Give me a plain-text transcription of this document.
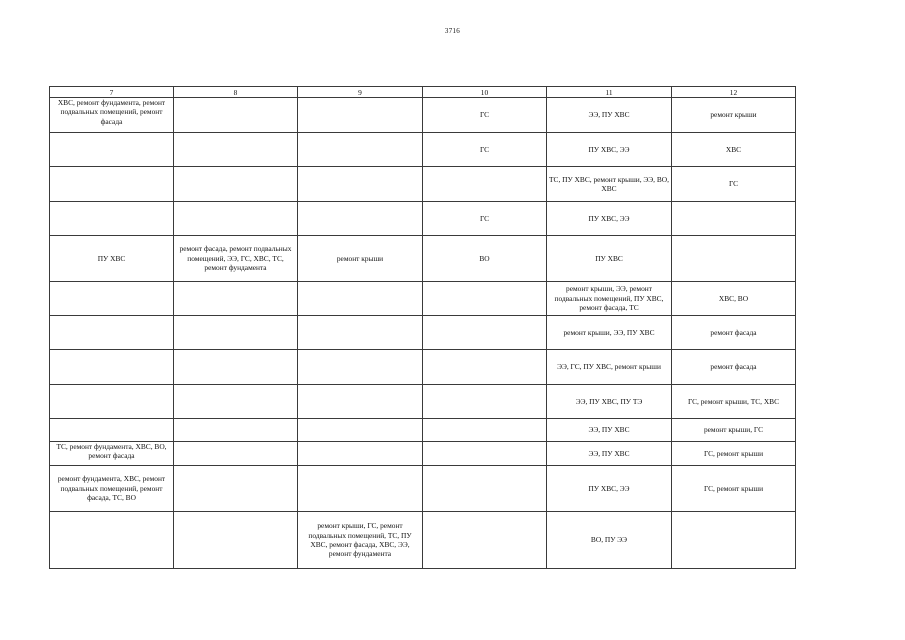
3716
7	8	9	10	11	12
ХВС, ремонт фундамента, ремонт подвальных помещений, ремонт фасада			ГС	ЭЭ, ПУ ХВС	ремонт крыши
			ГС	ПУ ХВС, ЭЭ	ХВС
				ТС, ПУ ХВС, ремонт крыши, ЭЭ, ВО, ХВС	ГС
			ГС	ПУ ХВС, ЭЭ	
ПУ ХВС	ремонт фасада, ремонт подвальных помещений, ЭЭ, ГС, ХВС, ТС, ремонт фундамента	ремонт крыши	ВО	ПУ ХВС	
				ремонт крыши, ЭЭ, ремонт подвальных помещений, ПУ ХВС, ремонт фасада, ТС	ХВС, ВО
				ремонт крыши, ЭЭ, ПУ ХВС	ремонт фасада
				ЭЭ, ГС, ПУ ХВС, ремонт крыши	ремонт фасада
				ЭЭ, ПУ ХВС, ПУ ТЭ	ГС, ремонт крыши, ТС, ХВС
				ЭЭ, ПУ ХВС	ремонт крыши, ГС
ТС, ремонт фундамента, ХВС, ВО, ремонт фасада				ЭЭ, ПУ ХВС	ГС, ремонт крыши
ремонт фундамента, ХВС, ремонт подвальных помещений, ремонт фасада, ТС, ВО				ПУ ХВС, ЭЭ	ГС, ремонт крыши
		ремонт крыши, ГС, ремонт подвальных помещений, ТС, ПУ ХВС, ремонт фасада, ХВС, ЭЭ, ремонт фундамента		ВО, ПУ ЭЭ	
